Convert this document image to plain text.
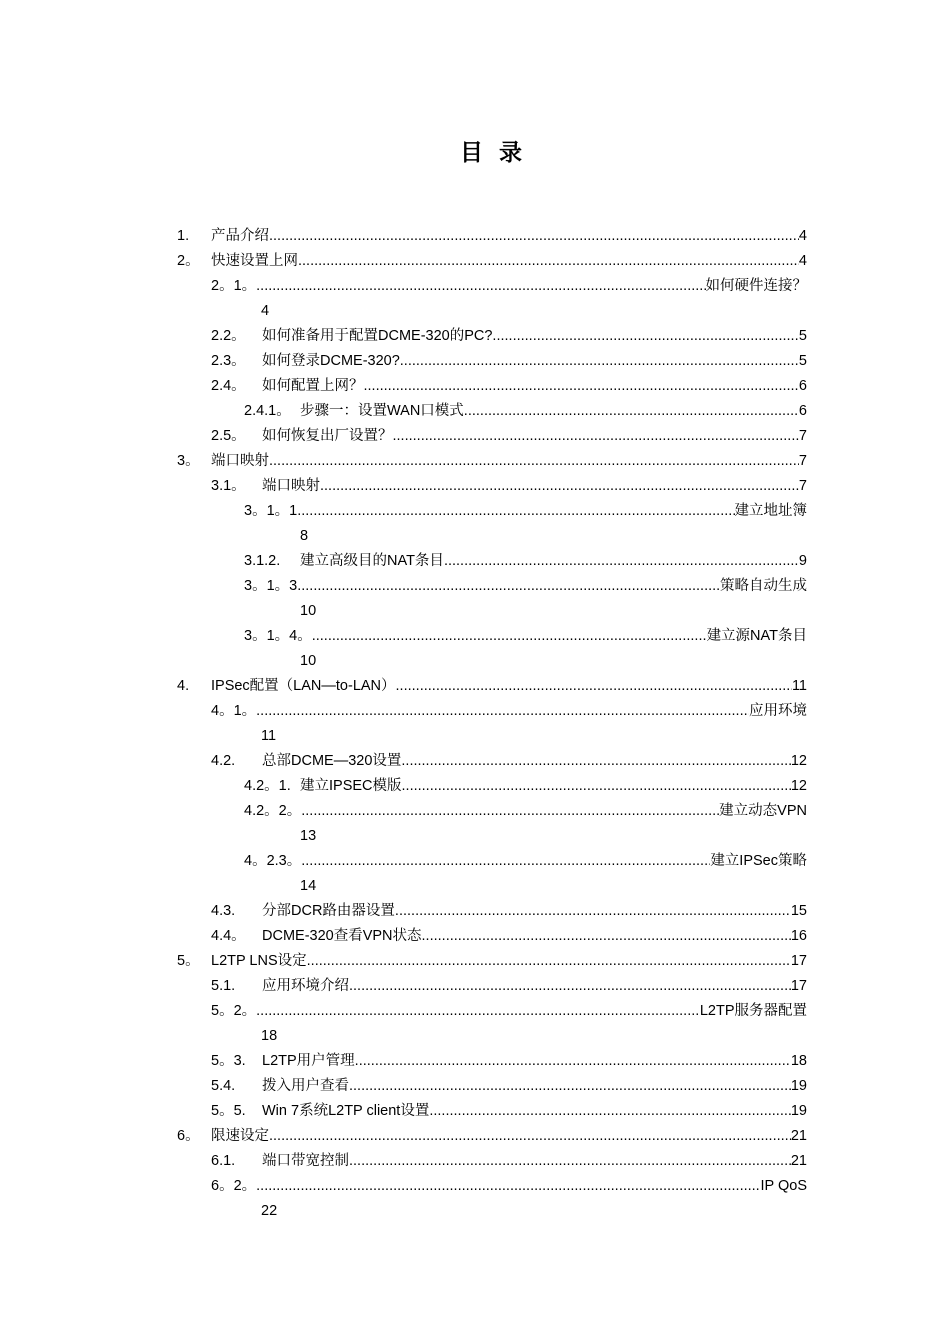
目 录
1.	产品介绍 .....	4
2。 快速设置上网 .....	4
2。1。 .....	如何硬件连接？
4
2.2。	如何准备用于配置DCME-320的PC? .....	5
2.3。	如何登录DCME-320? .....	5
2.4。	如何配置上网？ .....	6
2.4.1。 步骤一：设置WAN口模式 .....	6
2.5。	如何恢复出厂设置？ .....	7
3。 端口映射 .....	7
3.1。	端口映射 .....	7
3。1。1 .....	建立地址簿
8
3.1.2.	建立高级目的NAT条目 .....	9
3。1。3 .....	策略自动生成
10
3。1。4。 .....	建立源NAT条目
10
4.	IPSec配置（LAN—to-LAN） .....	11
4。1。 .....	应用环境
11
4.2.	总部DCME—320设置 .....	12
4.2。1. 建立IPSEC模版 .....	12
4.2。2。 .....	建立动态VPN
13
4。2.3。 .....	建立IPSec策略
14
4.3.	分部DCR路由器设置 .....	15
4.4。	DCME-320查看VPN状态 .....	16
5。 L2TP LNS设定 .....	17
5.1.	应用环境介绍 .....	17
5。2。 .....	L2TP服务器配置
18
5。3.	L2TP用户管理 .....	18
5.4.	拨入用户查看 .....	19
5。5.	Win 7系统L2TP client设置 .....	19
6。 限速设定 .....	21
6.1.	端口带宽控制 .....	21
6。2。 .....	IP QoS
22
